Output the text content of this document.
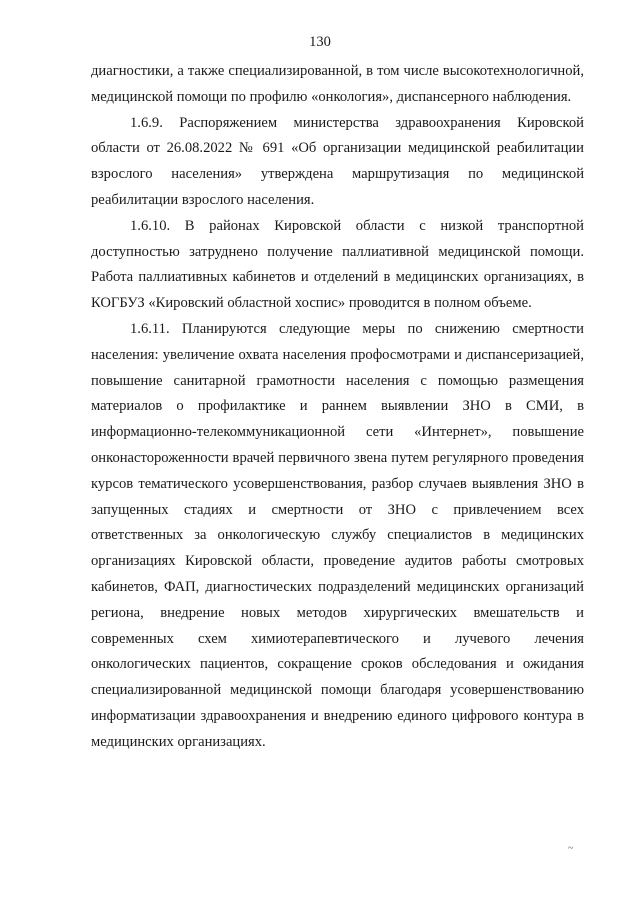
130

диагностики, а также специализированной, в том числе высокотехнологичной, медицинской помощи по профилю «онкология», диспансерного наблюдения.

1.6.9. Распоряжением министерства здравоохранения Кировской области от 26.08.2022 № 691 «Об организации медицинской реабилитации взрослого населения» утверждена маршрутизация по медицинской реабилитации взрослого населения.

1.6.10. В районах Кировской области с низкой транспортной доступностью затруднено получение паллиативной медицинской помощи. Работа паллиативных кабинетов и отделений в медицинских организациях, в КОГБУЗ «Кировский областной хоспис» проводится в полном объеме.

1.6.11. Планируются следующие меры по снижению смертности населения: увеличение охвата населения профосмотрами и диспансеризацией, повышение санитарной грамотности населения с помощью размещения материалов о профилактике и раннем выявлении ЗНО в СМИ, в информационно-телекоммуникационной сети «Интернет», повышение онконастороженности врачей первичного звена путем регулярного проведения курсов тематического усовершенствования, разбор случаев выявления ЗНО в запущенных стадиях и смертности от ЗНО с привлечением всех ответственных за онкологическую службу специалистов в медицинских организациях Кировской области, проведение аудитов работы смотровых кабинетов, ФАП, диагностических подразделений медицинских организаций региона, внедрение новых методов хирургических вмешательств и современных схем химиотерапевтического и лучевого лечения онкологических пациентов, сокращение сроков обследования и ожидания специализированной медицинской помощи благодаря усовершенствованию информатизации здравоохранения и внедрению единого цифрового контура в медицинских организациях.

~
